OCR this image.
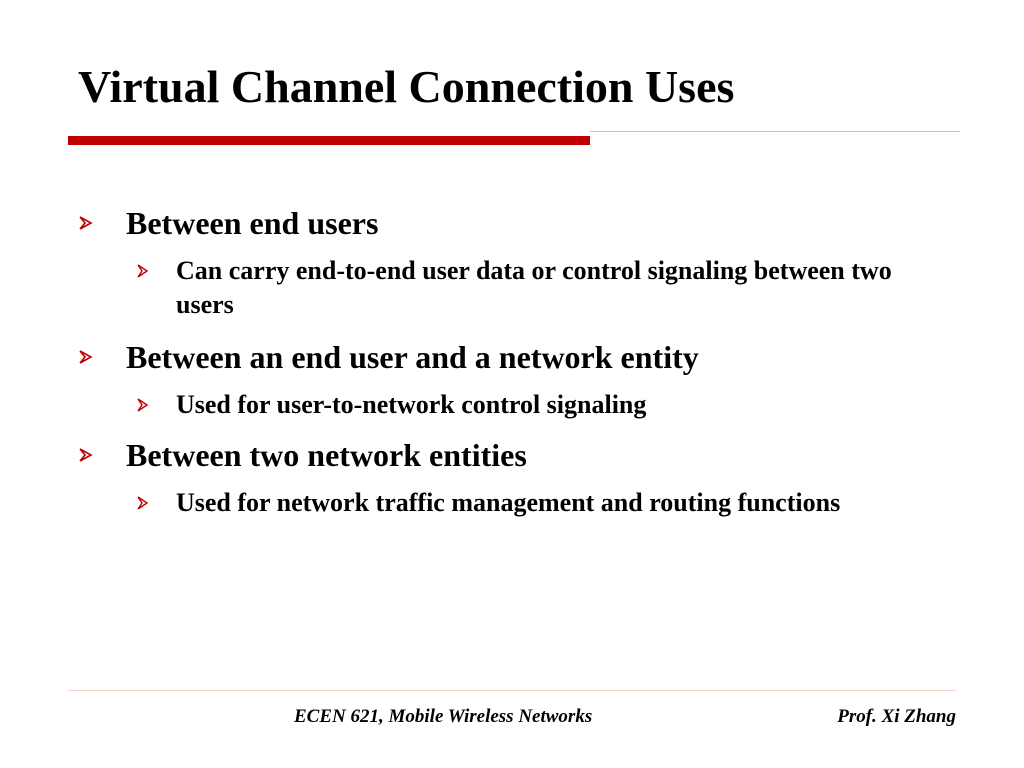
Virtual Channel Connection Uses
Between end users
Can carry end-to-end user data or control signaling between two users
Between an end user and a network entity
Used for user-to-network control signaling
Between two network entities
Used for network traffic management and routing functions
ECEN 621, Mobile Wireless Networks	Prof. Xi Zhang
